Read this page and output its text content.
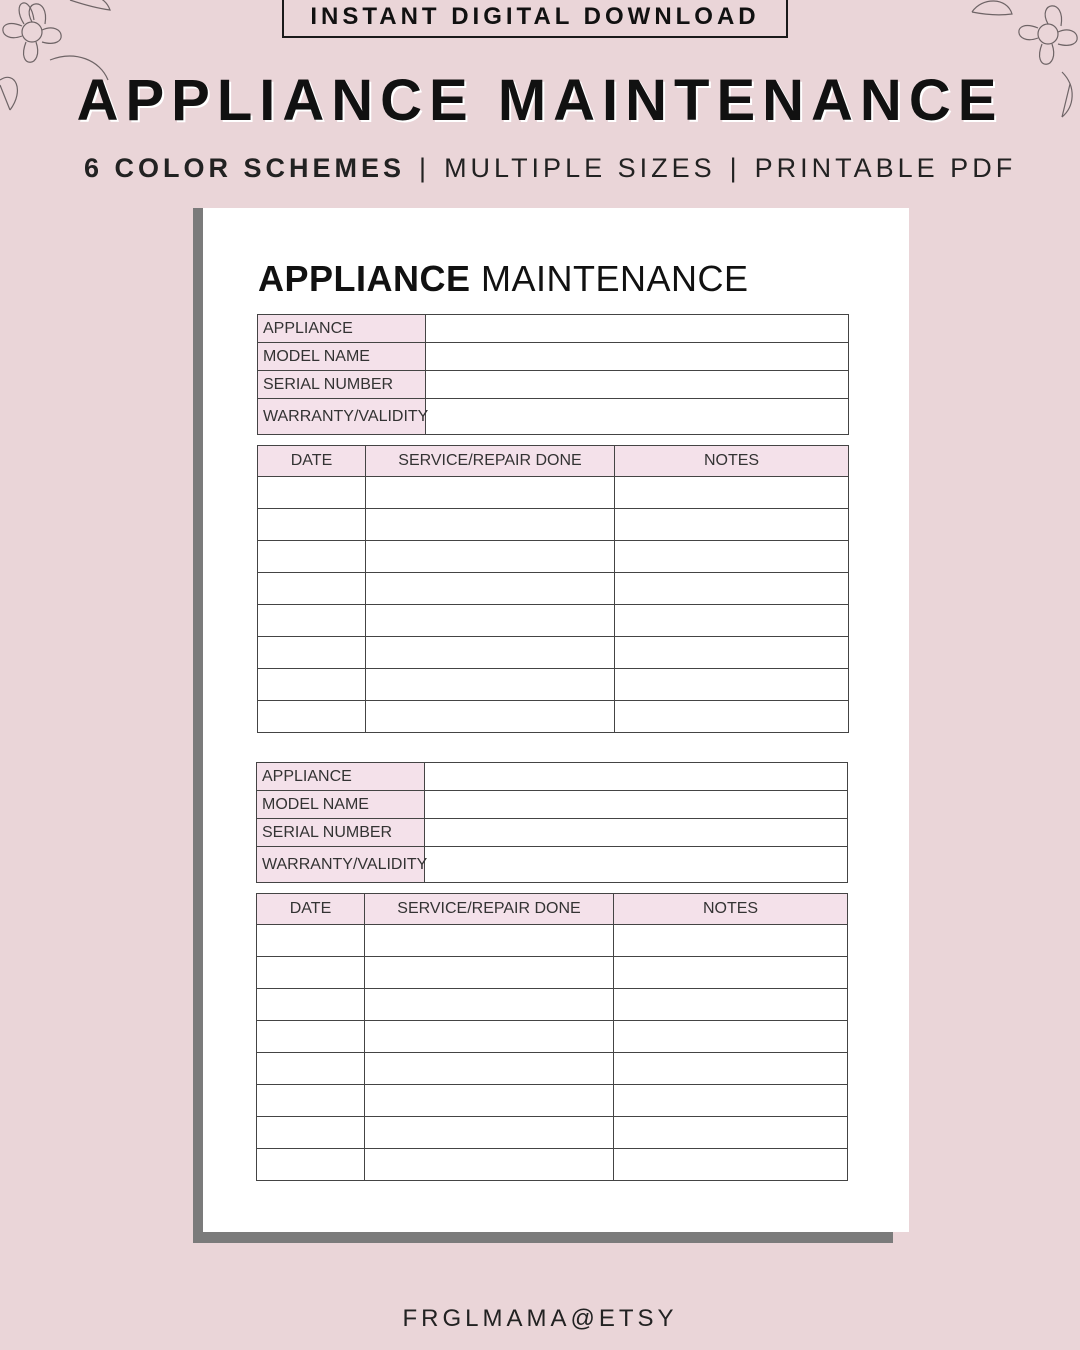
INSTANT DIGITAL DOWNLOAD
APPLIANCE MAINTENANCE
6 COLOR SCHEMES | MULTIPLE SIZES | PRINTABLE PDF
APPLIANCE MAINTENANCE
APPLIANCE	
MODEL NAME	
SERIAL NUMBER	
WARRANTY/VALIDITY	
DATE	SERVICE/REPAIR DONE	NOTES

APPLIANCE	
MODEL NAME	
SERIAL NUMBER	
WARRANTY/VALIDITY	
DATE	SERVICE/REPAIR DONE	NOTES

FRGLMAMA@ETSY
